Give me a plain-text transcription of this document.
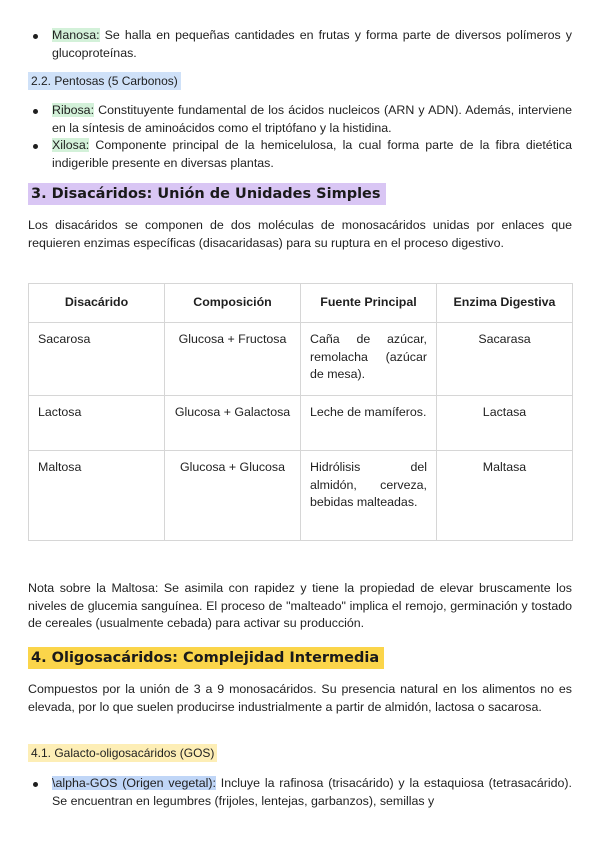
Manosa: Se halla en pequeñas cantidades en frutas y forma parte de diversos polímeros y glucoproteínas.
2.2. Pentosas (5 Carbonos)
Ribosa: Constituyente fundamental de los ácidos nucleicos (ARN y ADN). Además, interviene en la síntesis de aminoácidos como el triptófano y la histidina.
Xilosa: Componente principal de la hemicelulosa, la cual forma parte de la fibra dietética indigerible presente en diversas plantas.
3. Disacáridos: Unión de Unidades Simples
Los disacáridos se componen de dos moléculas de monosacáridos unidas por enlaces que requieren enzimas específicas (disacaridasas) para su ruptura en el proceso digestivo.
Disacárido	Composición	Fuente Principal	Enzima Digestiva
Sacarosa	Glucosa + Fructosa	Caña de azúcar, remolacha (azúcar de mesa).	Sacarasa
Lactosa	Glucosa + Galactosa	Leche de mamíferos.	Lactasa
Maltosa	Glucosa + Glucosa	Hidrólisis del almidón, cerveza, bebidas malteadas.	Maltasa
Nota sobre la Maltosa: Se asimila con rapidez y tiene la propiedad de elevar bruscamente los niveles de glucemia sanguínea. El proceso de "malteado" implica el remojo, germinación y tostado de cereales (usualmente cebada) para activar su producción.
4. Oligosacáridos: Complejidad Intermedia
Compuestos por la unión de 3 a 9 monosacáridos. Su presencia natural en los alimentos no es elevada, por lo que suelen producirse industrialmente a partir de almidón, lactosa o sacarosa.
4.1. Galacto-oligosacáridos (GOS)
\alpha-GOS (Origen vegetal): Incluye la rafinosa (trisacárido) y la estaquiosa (tetrasacárido). Se encuentran en legumbres (frijoles, lentejas, garbanzos), semillas y
